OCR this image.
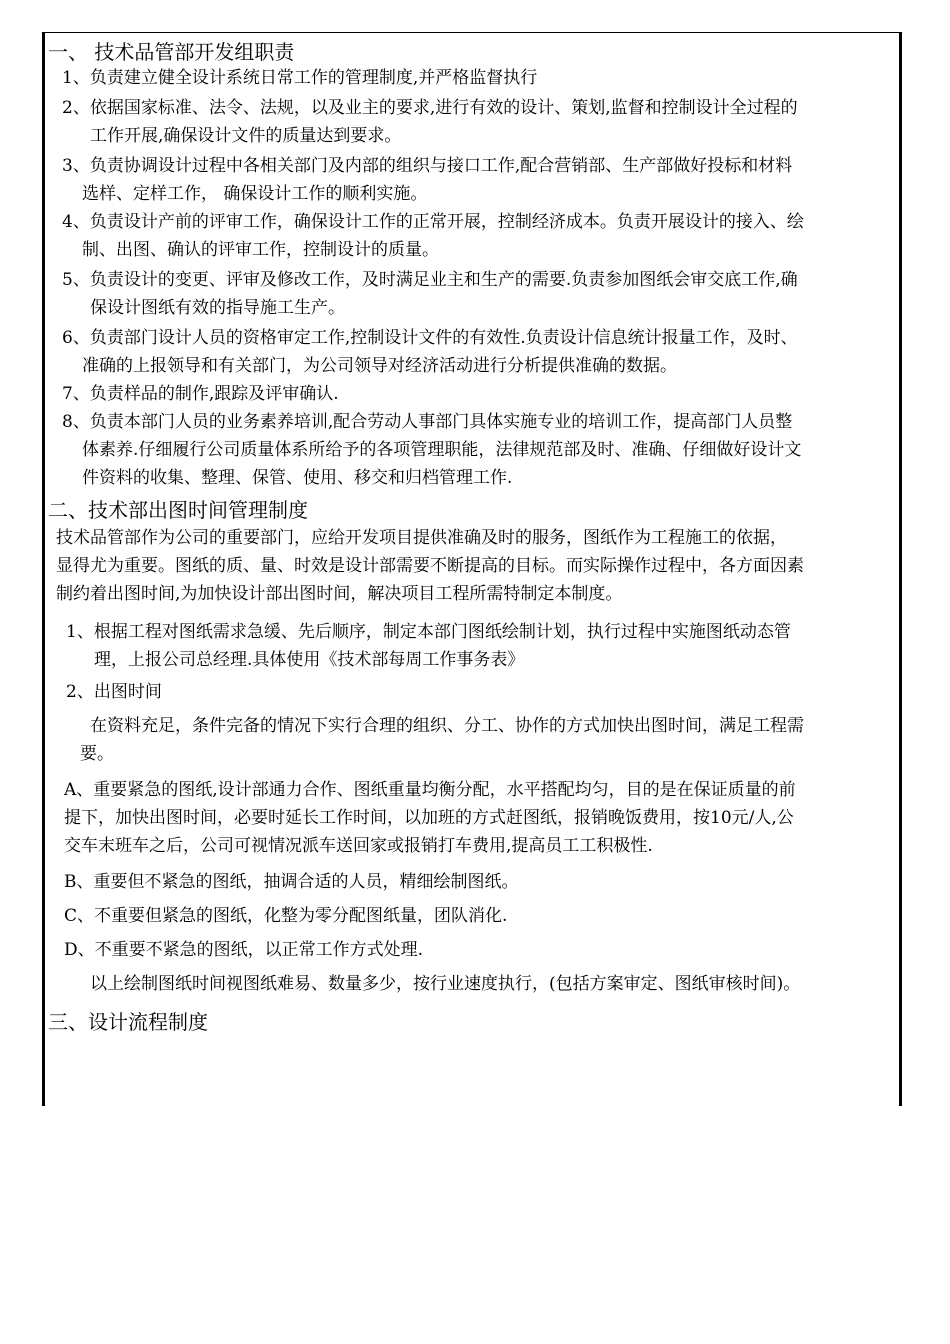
一、 技术品管部开发组职责
1、负责建立健全设计系统日常工作的管理制度,并严格监督执行
2、依据国家标准、法令、法规，以及业主的要求,进行有效的设计、策划,监督和控制设计全过程的
工作开展,确保设计文件的质量达到要求。
3、负责协调设计过程中各相关部门及内部的组织与接口工作,配合营销部、生产部做好投标和材料
选样、定样工作， 确保设计工作的顺利实施。
4、负责设计产前的评审工作，确保设计工作的正常开展，控制经济成本。负责开展设计的接入、绘
制、出图、确认的评审工作，控制设计的质量。
5、负责设计的变更、评审及修改工作，及时满足业主和生产的需要.负责参加图纸会审交底工作,确
保设计图纸有效的指导施工生产。
6、负责部门设计人员的资格审定工作,控制设计文件的有效性.负责设计信息统计报量工作，及时、
准确的上报领导和有关部门，为公司领导对经济活动进行分析提供准确的数据。
7、负责样品的制作,跟踪及评审确认.
8、负责本部门人员的业务素养培训,配合劳动人事部门具体实施专业的培训工作，提高部门人员整
体素养.仔细履行公司质量体系所给予的各项管理职能，法律规范部及时、准确、仔细做好设计文
件资料的收集、整理、保管、使用、移交和归档管理工作.
二、技术部出图时间管理制度
技术品管部作为公司的重要部门，应给开发项目提供准确及时的服务，图纸作为工程施工的依据，
显得尤为重要。图纸的质、量、时效是设计部需要不断提高的目标。而实际操作过程中，各方面因素
制约着出图时间,为加快设计部出图时间，解决项目工程所需特制定本制度。
1、根据工程对图纸需求急缓、先后顺序，制定本部门图纸绘制计划，执行过程中实施图纸动态管
理，上报公司总经理.具体使用《技术部每周工作事务表》
2、出图时间
在资料充足，条件完备的情况下实行合理的组织、分工、协作的方式加快出图时间，满足工程需
要。
A、重要紧急的图纸,设计部通力合作、图纸重量均衡分配，水平搭配均匀，目的是在保证质量的前
提下，加快出图时间，必要时延长工作时间，以加班的方式赶图纸，报销晚饭费用，按10元/人,公
交车末班车之后，公司可视情况派车送回家或报销打车费用,提高员工工积极性.
B、重要但不紧急的图纸，抽调合适的人员，精细绘制图纸。
C、不重要但紧急的图纸，化整为零分配图纸量，团队消化.
D、不重要不紧急的图纸，以正常工作方式处理.
以上绘制图纸时间视图纸难易、数量多少，按行业速度执行，(包括方案审定、图纸审核时间)。
三、设计流程制度
